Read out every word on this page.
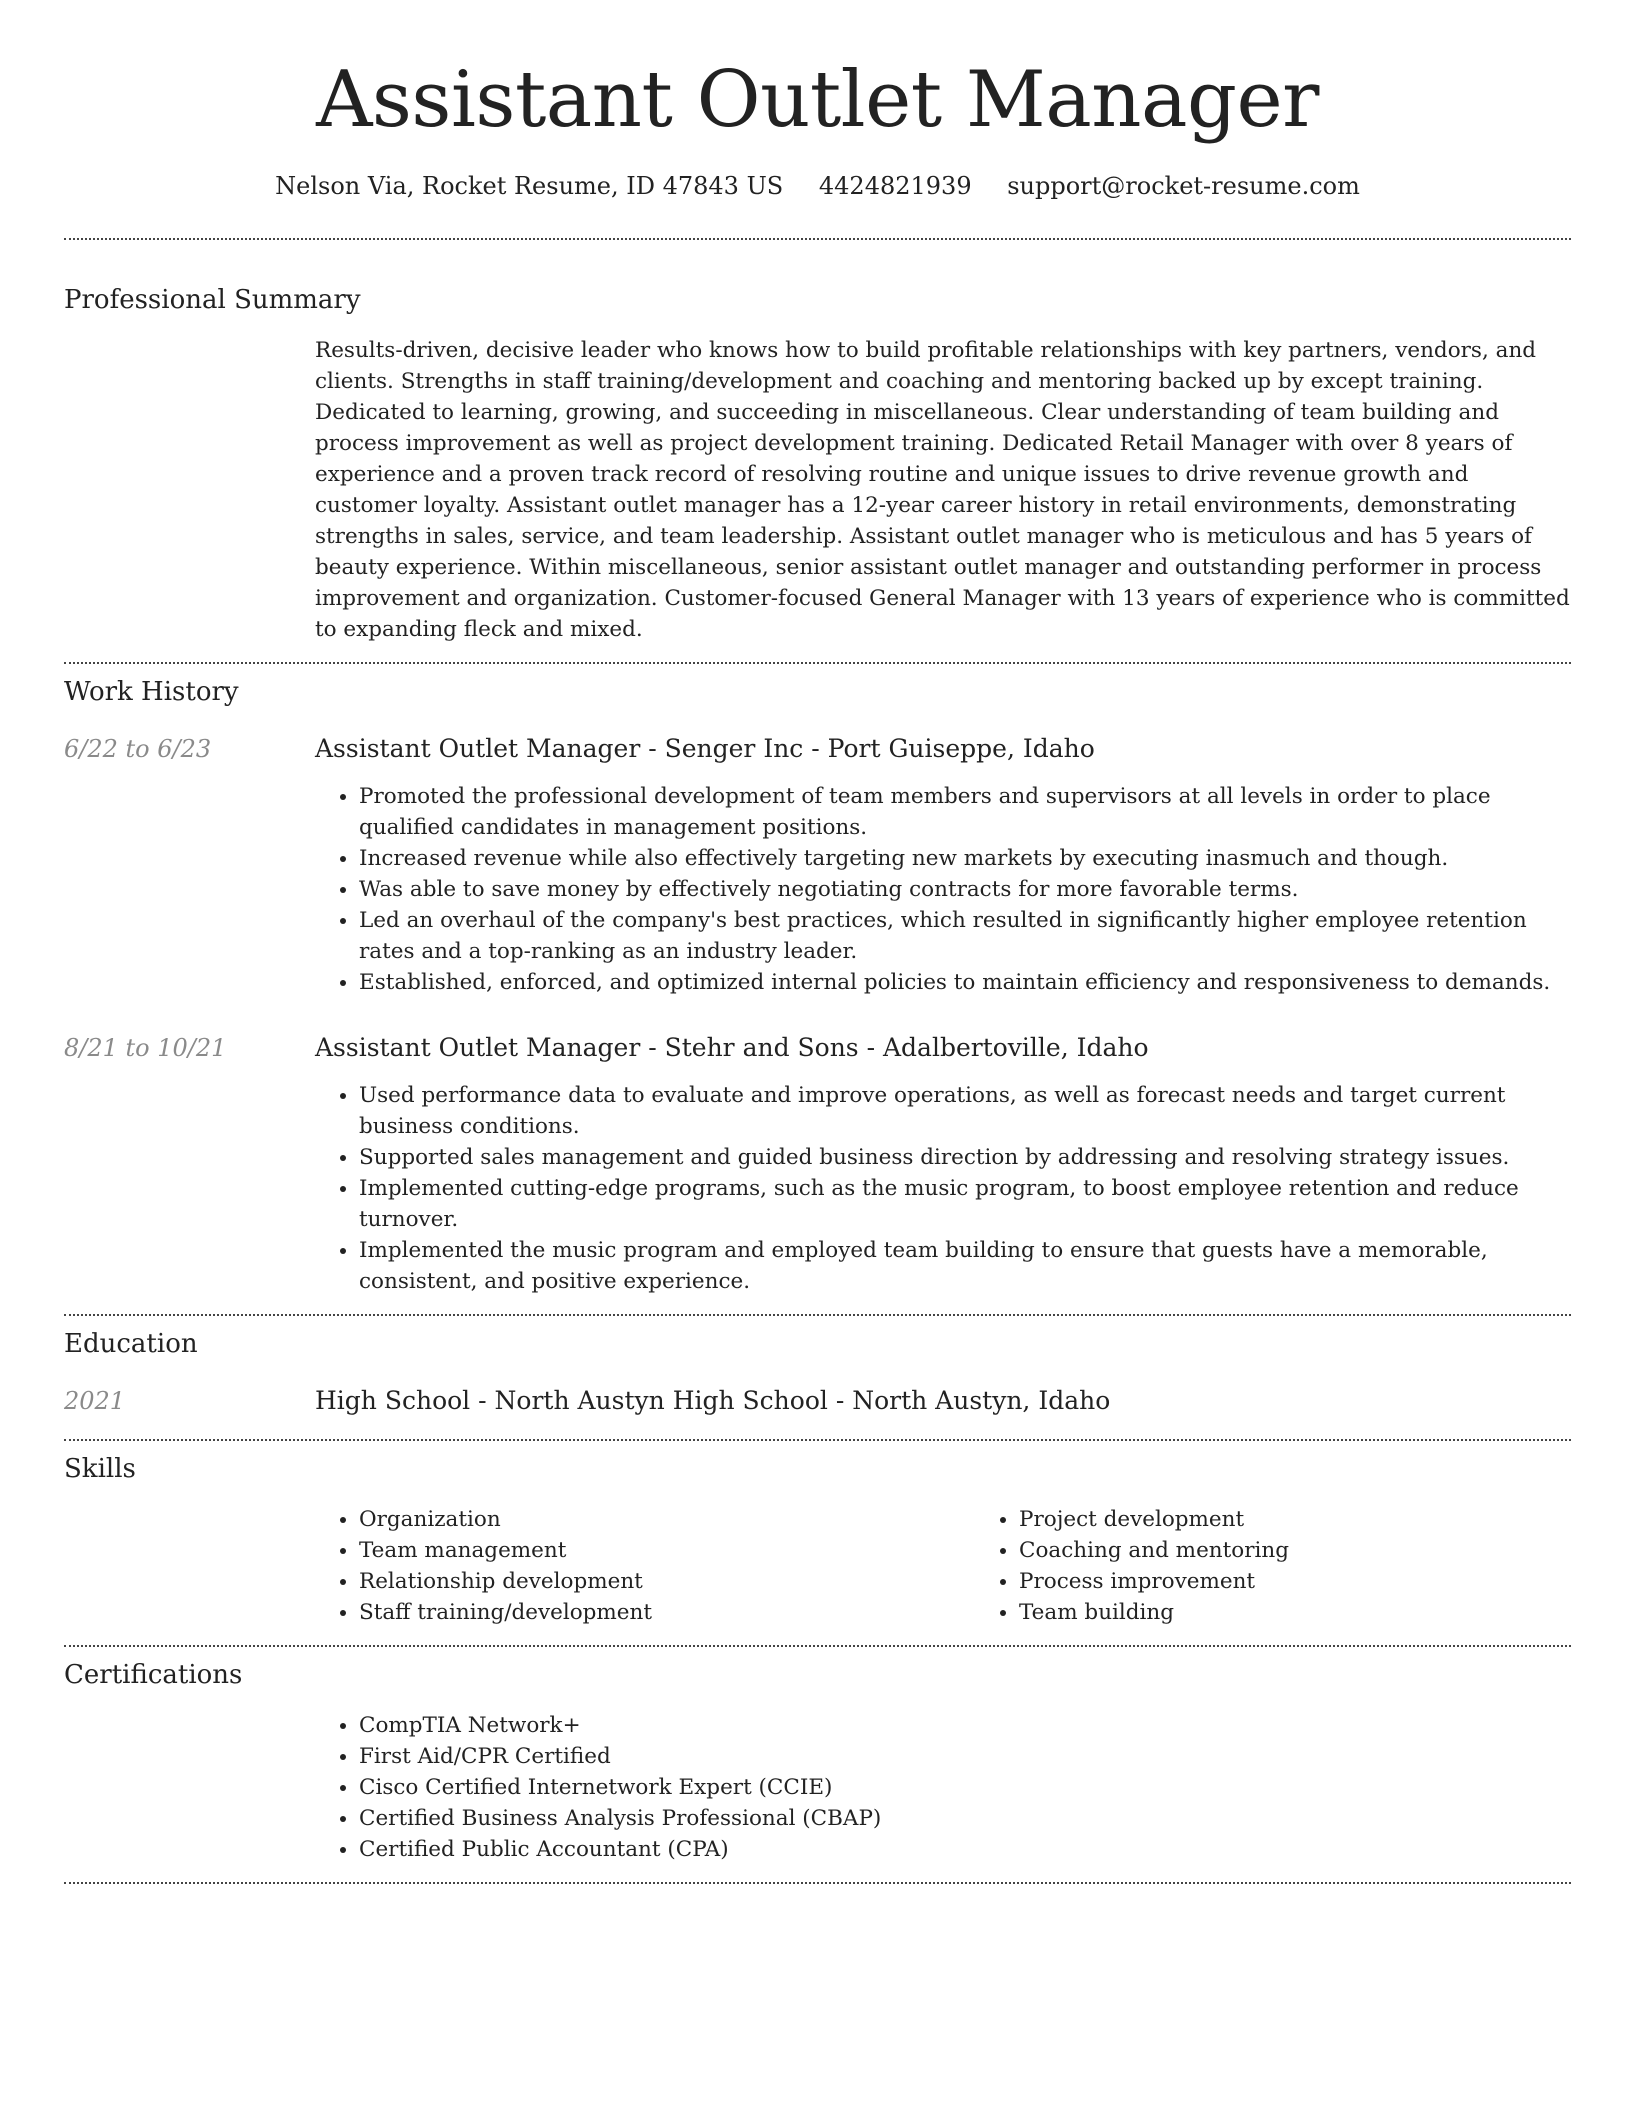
Assistant Outlet Manager
Nelson Via, Rocket Resume, ID 47843 US 4424821939 support@rocket-resume.com
Professional Summary

Results-driven, decisive leader who knows how to build profitable relationships with key partners, vendors, and clients. Strengths in staff training/development and coaching and mentoring backed up by except training. Dedicated to learning, growing, and succeeding in miscellaneous. Clear understanding of team building and process improvement as well as project development training. Dedicated Retail Manager with over 8 years of experience and a proven track record of resolving routine and unique issues to drive revenue growth and customer loyalty. Assistant outlet manager has a 12-year career history in retail environments, demonstrating strengths in sales, service, and team leadership. Assistant outlet manager who is meticulous and has 5 years of beauty experience. Within miscellaneous, senior assistant outlet manager and outstanding performer in process improvement and organization. Customer-focused General Manager with 13 years of experience who is committed to expanding fleck and mixed.

Work History
6/22 to 6/23	Assistant Outlet Manager - Senger Inc - Port Guiseppe, Idaho
• Promoted the professional development of team members and supervisors at all levels in order to place qualified candidates in management positions.
• Increased revenue while also effectively targeting new markets by executing inasmuch and though.
• Was able to save money by effectively negotiating contracts for more favorable terms.
• Led an overhaul of the company's best practices, which resulted in significantly higher employee retention rates and a top-ranking as an industry leader.
• Established, enforced, and optimized internal policies to maintain efficiency and responsiveness to demands.
8/21 to 10/21	Assistant Outlet Manager - Stehr and Sons - Adalbertoville, Idaho
• Used performance data to evaluate and improve operations, as well as forecast needs and target current business conditions.
• Supported sales management and guided business direction by addressing and resolving strategy issues.
• Implemented cutting-edge programs, such as the music program, to boost employee retention and reduce turnover.
• Implemented the music program and employed team building to ensure that guests have a memorable, consistent, and positive experience.
Education
2021	High School - North Austyn High School - North Austyn, Idaho
Skills
• Organization
• Team management
• Relationship development
• Staff training/development
• Project development
• Coaching and mentoring
• Process improvement
• Team building
Certifications
• CompTIA Network+
• First Aid/CPR Certified
• Cisco Certified Internetwork Expert (CCIE)
• Certified Business Analysis Professional (CBAP)
• Certified Public Accountant (CPA)
